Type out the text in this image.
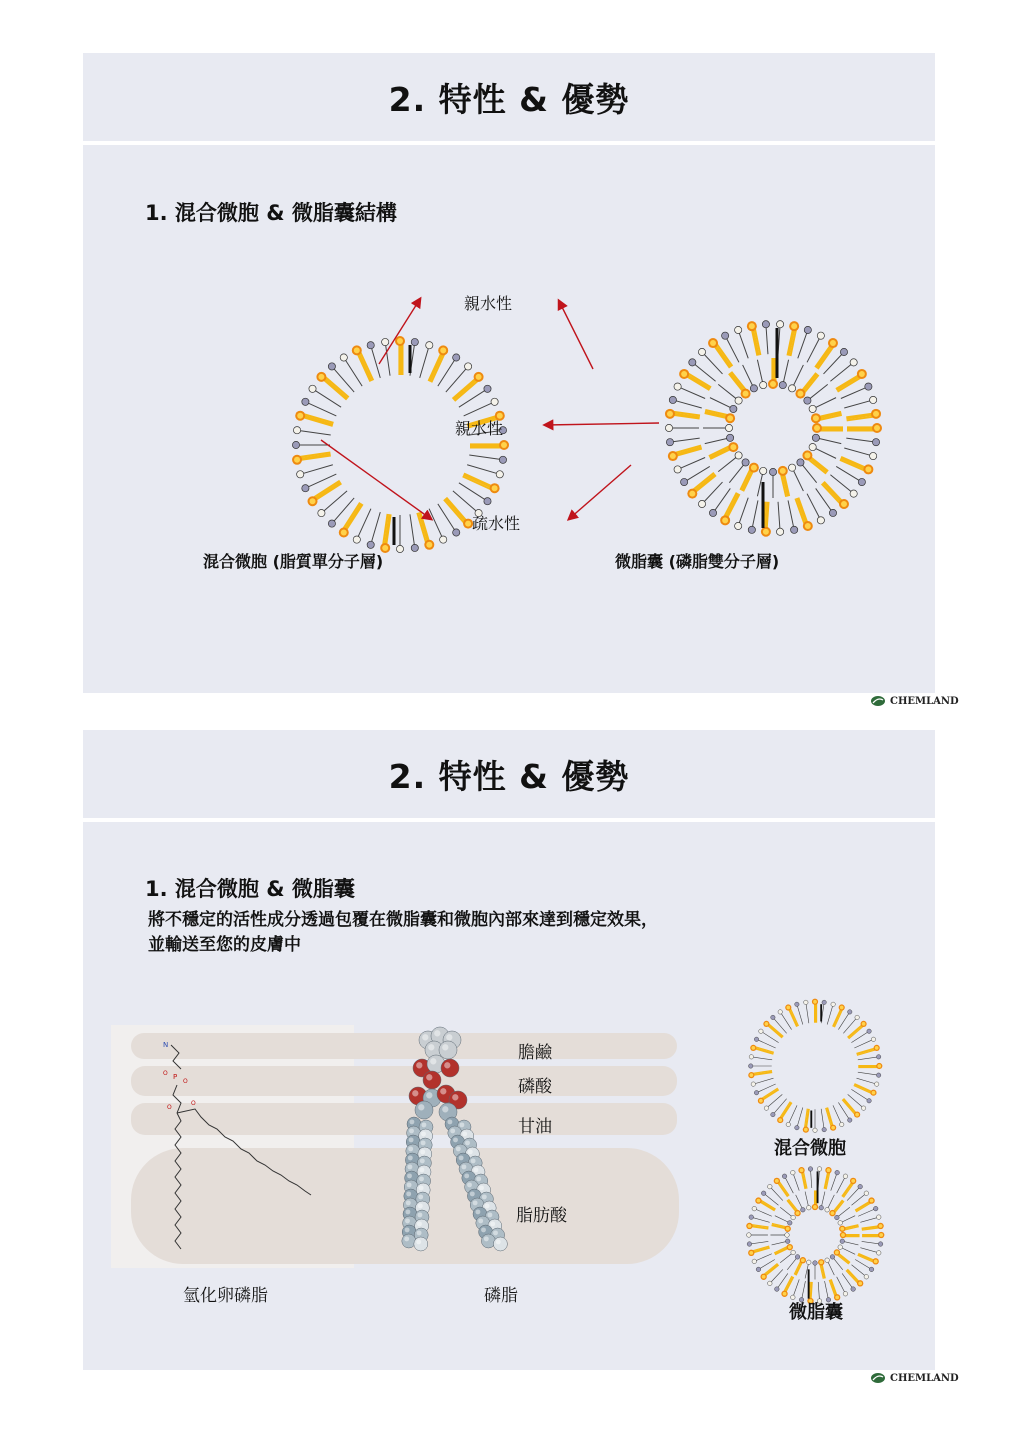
2. 特性 & 優勢
1. 混合微胞 & 微脂囊結構
親水性
親水性
疏水性
混合微胞 (脂質單分子層)	微脂囊 (磷脂雙分子層)
CHEMLAND
2. 特性 & 優勢
1. 混合微胞 & 微脂囊
將不穩定的活性成分透過包覆在微脂囊和微胞內部來達到穩定效果，
並輸送至您的皮膚中
N
P
O
O
O
O
膽鹼
磷酸
甘油
脂肪酸
氫化卵磷脂	磷脂
混合微胞
微脂囊
CHEMLAND
